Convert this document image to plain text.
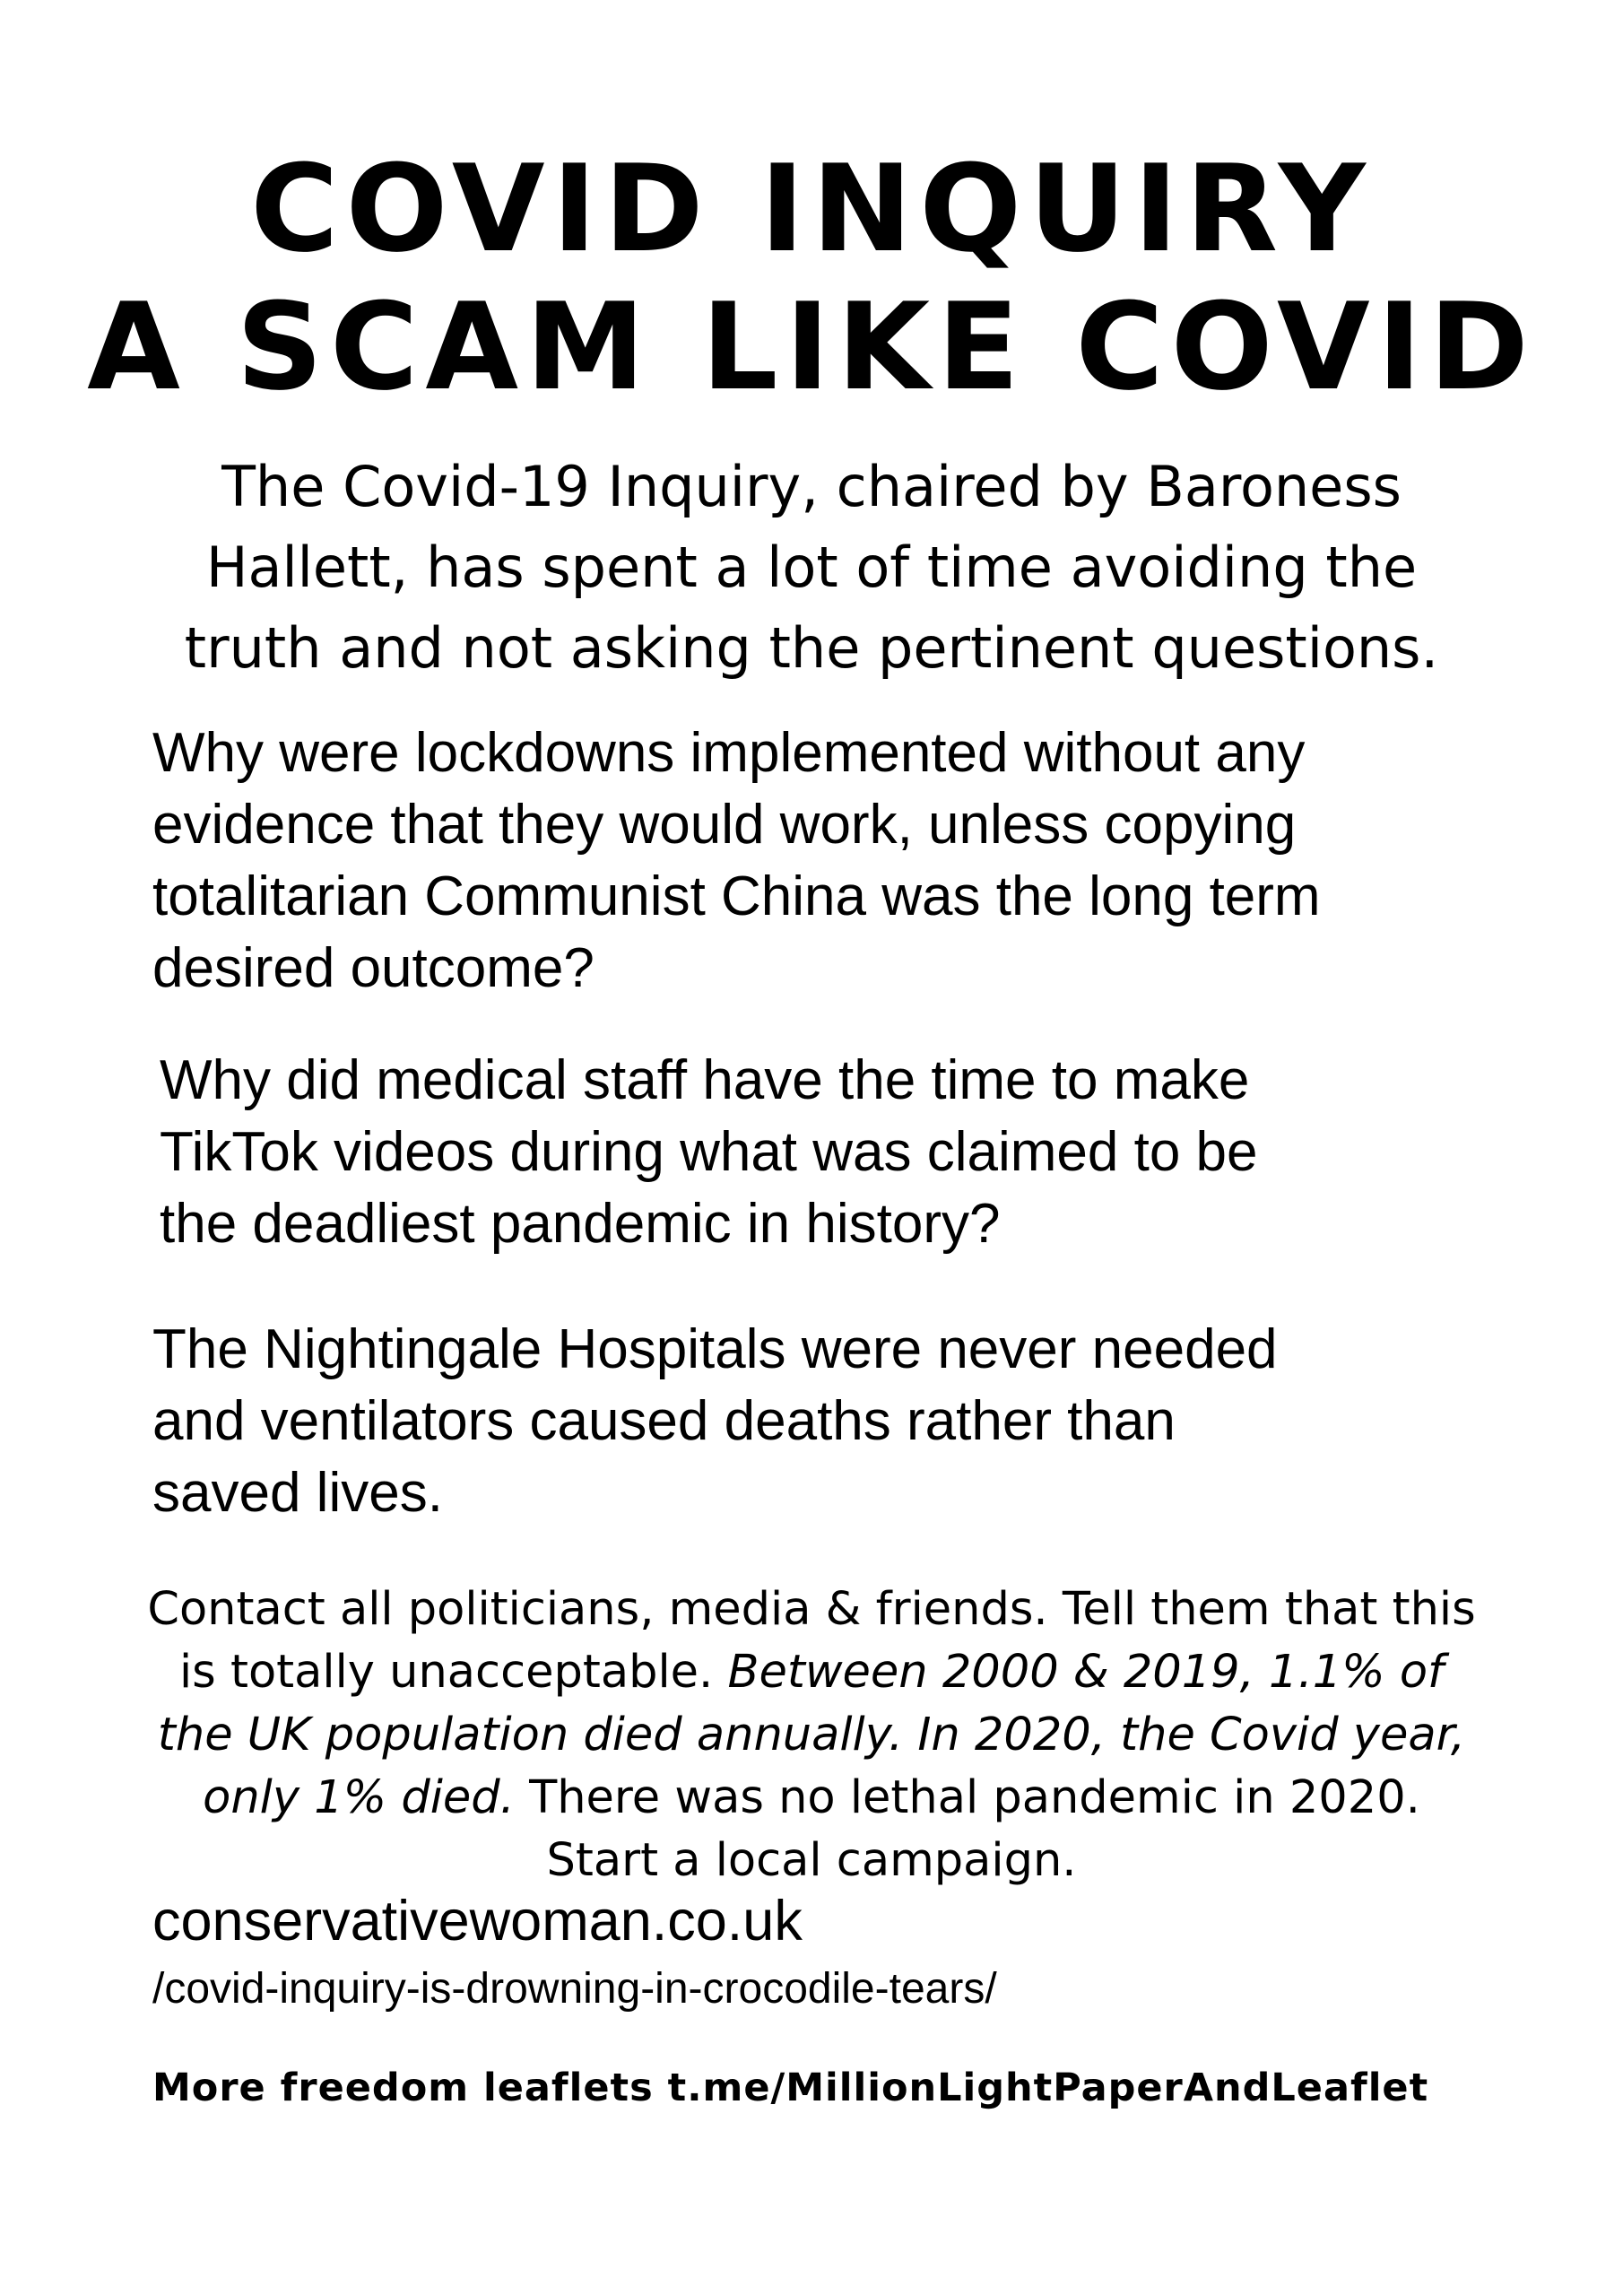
COVID INQUIRY
A SCAM LIKE COVID
The Covid-19 Inquiry, chaired by Baroness
Hallett, has spent a lot of time avoiding the
truth and not asking the pertinent questions.
Why were lockdowns implemented without any
evidence that they would work, unless copying
totalitarian Communist China was the long term
desired outcome?
Why did medical staff have the time to make
TikTok videos during what was claimed to be
the deadliest pandemic in history?
The Nightingale Hospitals were never needed
and ventilators caused deaths rather than
saved lives.
Contact all politicians, media & friends. Tell them that this
is totally unacceptable. Between 2000 & 2019, 1.1% of
the UK population died annually. In 2020, the Covid year,
only 1% died. There was no lethal pandemic in 2020.
Start a local campaign.
conservativewoman.co.uk
/covid-inquiry-is-drowning-in-crocodile-tears/
More freedom leaflets t.me/MillionLightPaperAndLeaflet
